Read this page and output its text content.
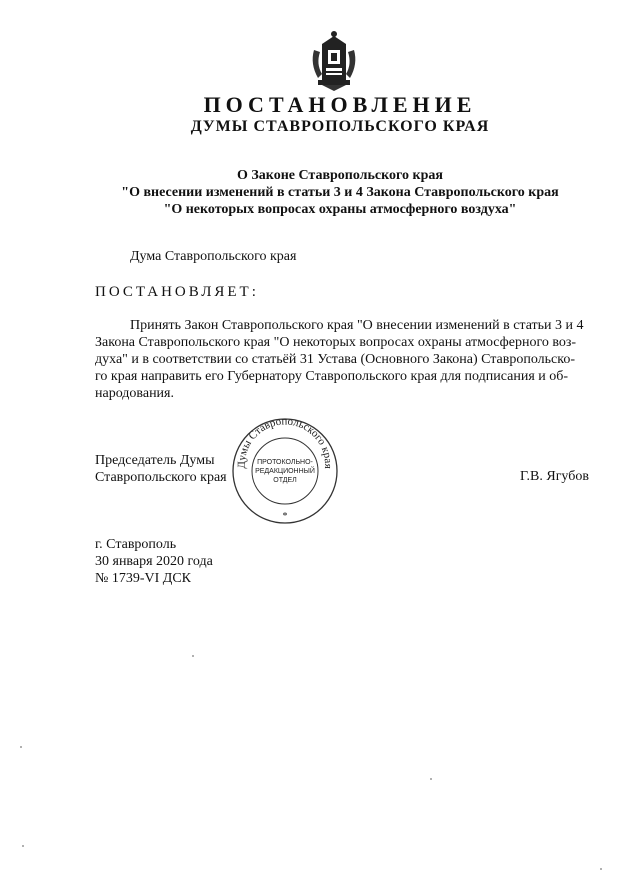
ПОСТАНОВЛЕНИЕ
ДУМЫ СТАВРОПОЛЬСКОГО КРАЯ
О Законе Ставропольского края
"О внесении изменений в статьи 3 и 4 Закона Ставропольского края
"О некоторых вопросах охраны атмосферного воздуха"
Дума Ставропольского края
ПОСТАНОВЛЯЕТ:
Принять Закон Ставропольского края "О внесении изменений в статьи 3 и 4
Закона Ставропольского края "О некоторых вопросах охраны атмосферного воз-
духа" и в соответствии со статьёй 31 Устава (Основного Закона) Ставропольско-
го края направить его Губернатору Ставропольского края для подписания и об-
народования.
Председатель Думы
Ставропольского края	Г.В. Ягубов
Думы Ставропольского края
ПРОТОКОЛЬНО-
РЕДАКЦИОННЫЙ
ОТДЕЛ
*
г. Ставрополь
30 января 2020 года
№ 1739-VI ДСК
